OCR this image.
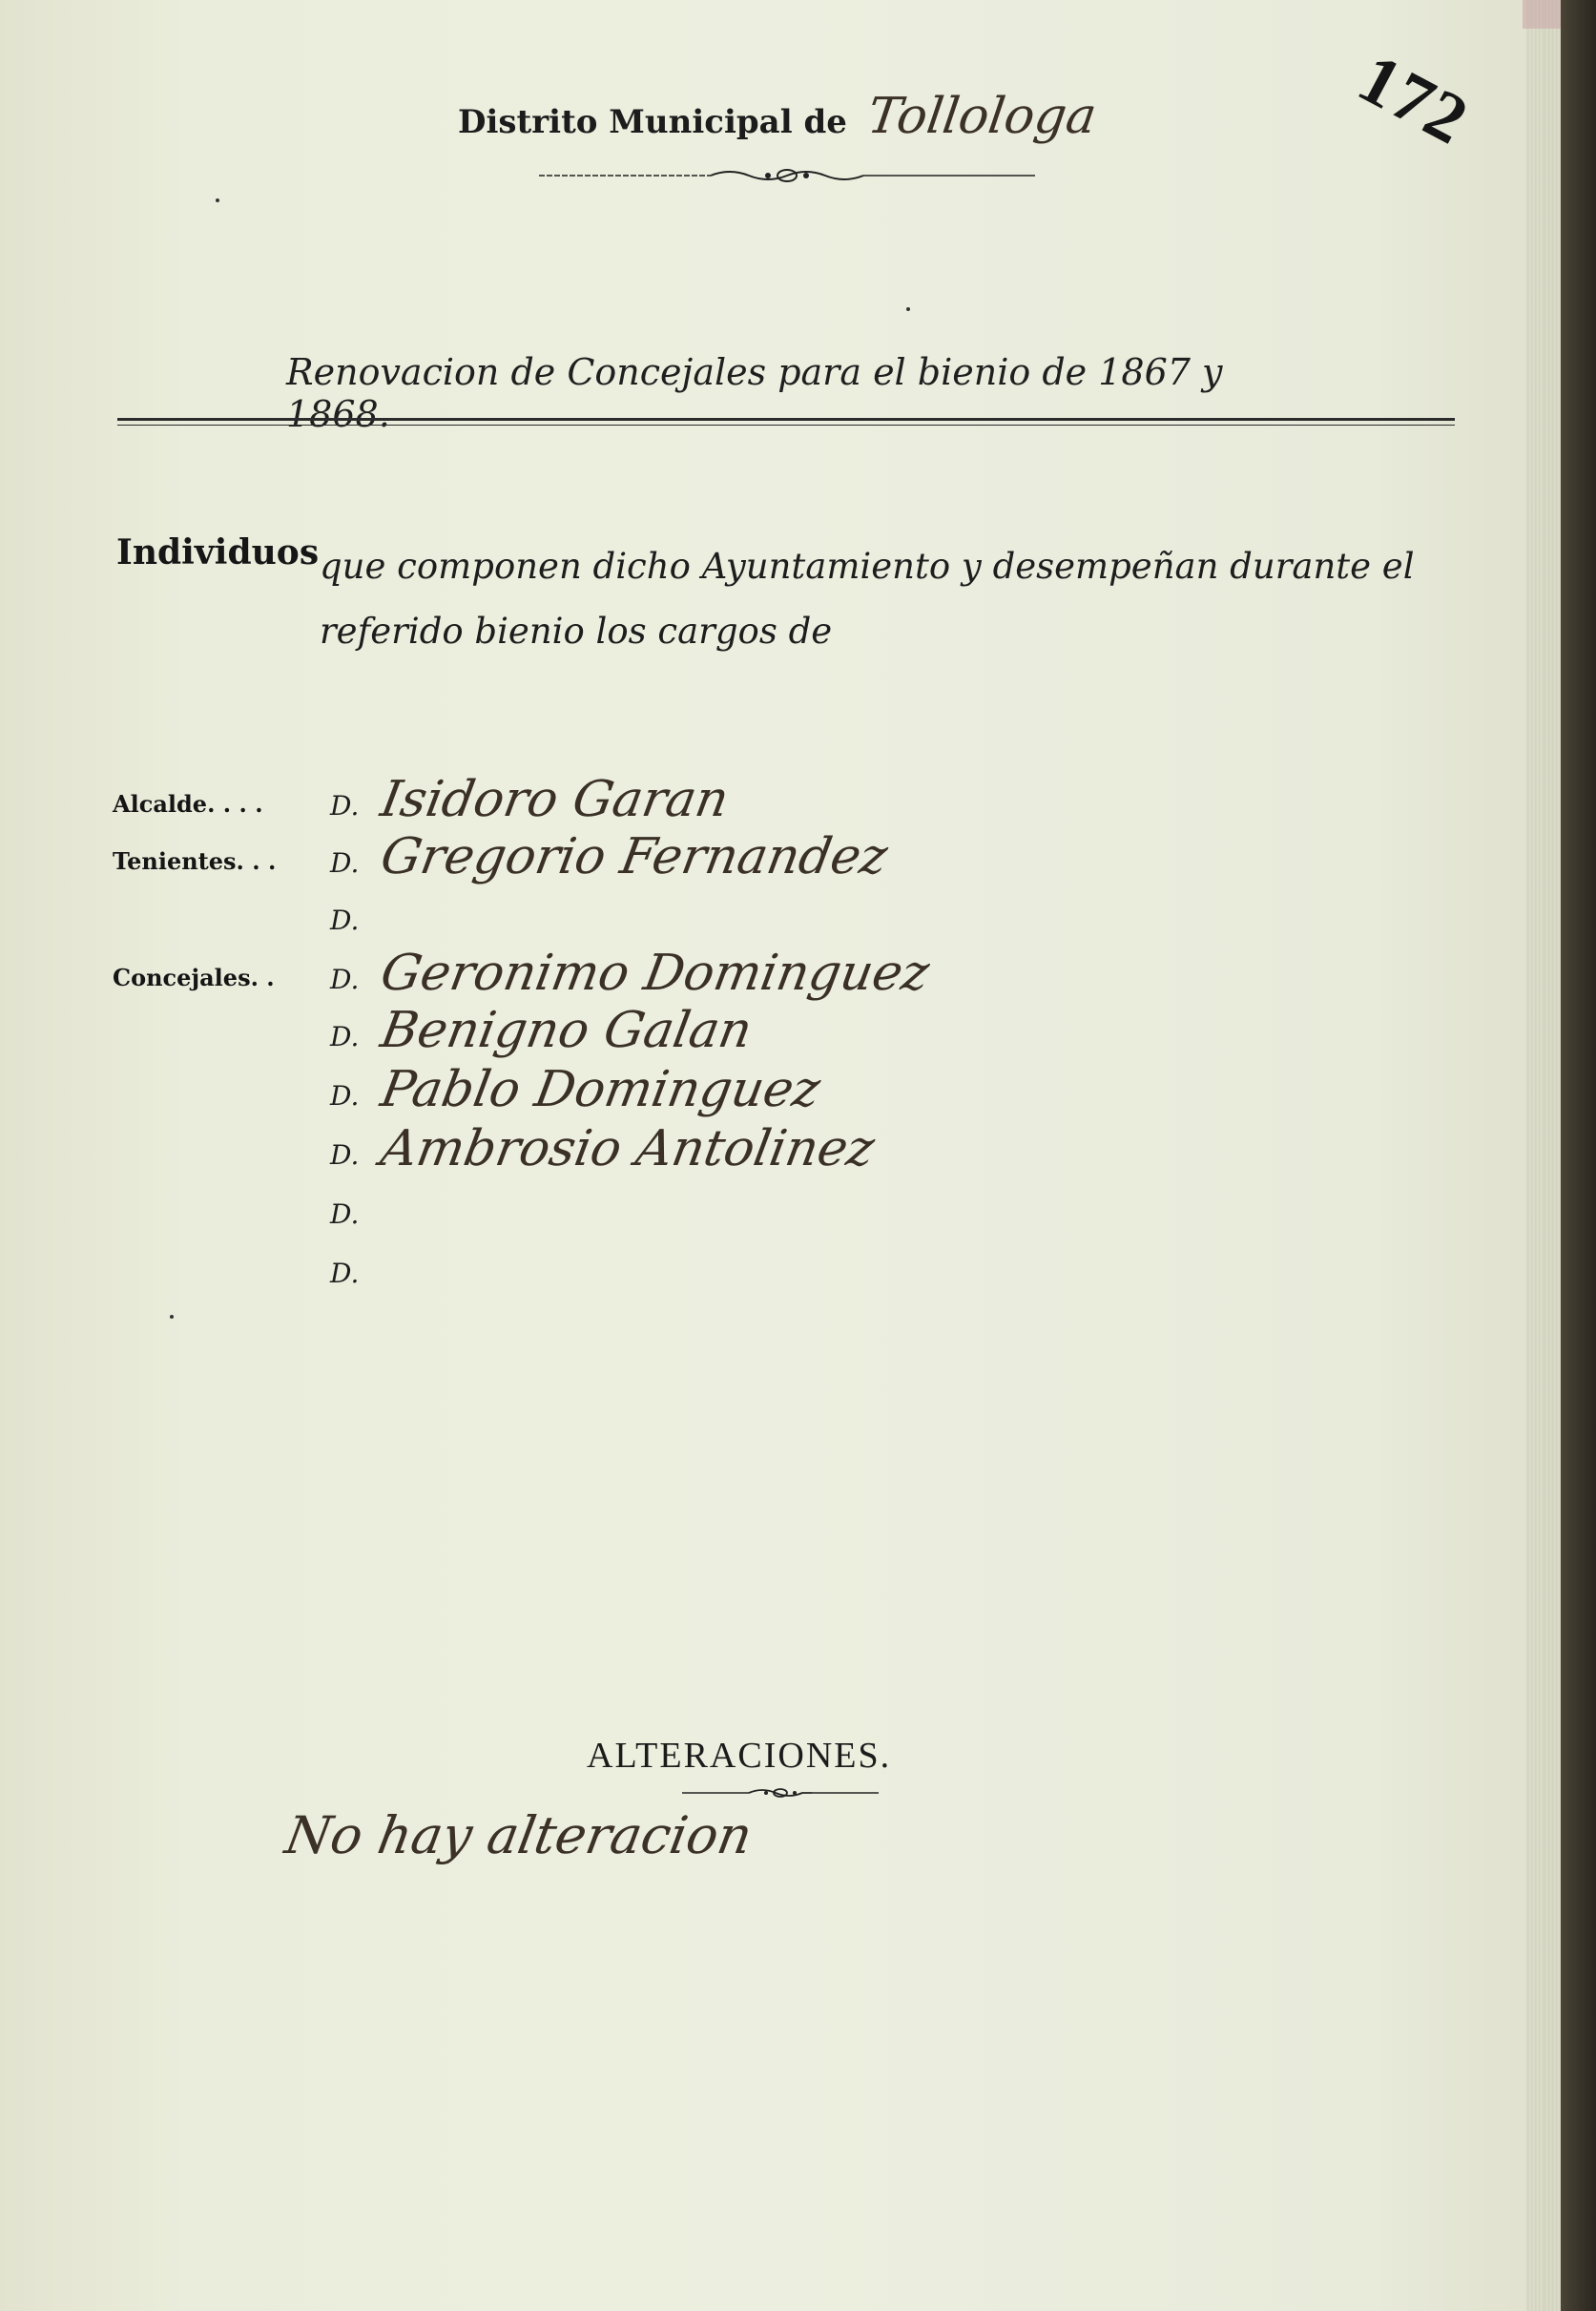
172
Distrito Municipal de Tollologa
Renovacion de Concejales para el bienio de 1867 y 1868.
Individuos que componen dicho Ayuntamiento y desempeñan durante el referido bienio los cargos de
Alcalde. . . .	D. Isidoro Garan
Tenientes. . . D. Gregorio Fernandez
D.
Concejales. . D. Geronimo Dominguez
D. Benigno Galan
D. Pablo Dominguez
D. Ambrosio Antolinez
D.
D.
ALTERACIONES.
No hay alteracion
